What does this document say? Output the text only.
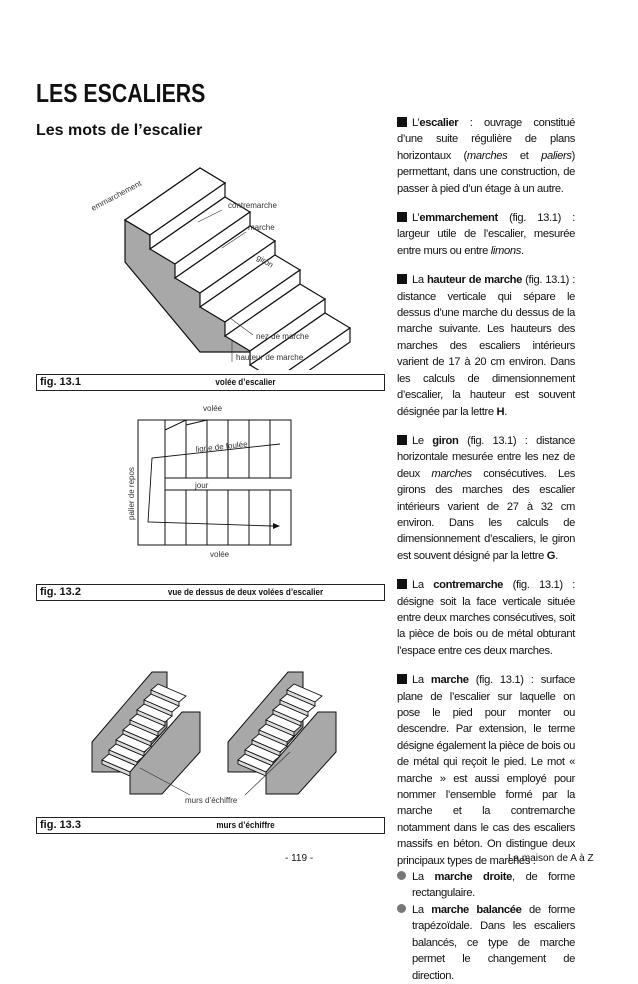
LES ESCALIERS
Les mots de l’escalier
emmarchement	contremarche
marche
giron
nez de marche
hauteur de marche
fig. 13.1	volée d’escalier
volée
ligne de foulée
palier de repos	jour
volée
fig. 13.2	vue de dessus de deux volées d’escalier
murs d’échiffre
fig. 13.3	murs d’échiffre
L’escalier : ouvrage constitué d’une suite régulière de plans horizontaux (marches et paliers) permettant, dans une construction, de passer à pied d’un étage à un autre.
L’emmarchement (fig. 13.1) : largeur utile de l’escalier, mesurée entre murs ou entre limons.
La hauteur de marche (fig. 13.1) : distance verticale qui sépare le dessus d’une marche du dessus de la marche suivante. Les hauteurs des marches des escaliers intérieurs varient de 17 à 20 cm environ. Dans les calculs de dimensionnement d’escalier, la hauteur est souvent désignée par la lettre H.
Le giron (fig. 13.1) : distance horizontale mesurée entre les nez de deux marches consécutives. Les girons des marches des escalier intérieurs varient de 27 à 32 cm environ. Dans les calculs de dimensionnement d’escaliers, le giron est souvent désigné par la lettre G.
La contremarche (fig. 13.1) : désigne soit la face verticale située entre deux marches consécutives, soit la pièce de bois ou de métal obturant l’espace entre ces deux marches.
La marche (fig. 13.1) : surface plane de l’escalier sur laquelle on pose le pied pour monter ou descendre. Par extension, le terme désigne également la pièce de bois ou de métal qui reçoit le pied. Le mot « marche » est aussi employé pour nommer l’ensemble formé par la marche et la contremarche notamment dans le cas des escaliers massifs en béton. On distingue deux principaux types de marches :
La marche droite, de forme rectangulaire.
La marche balancée de forme trapézoïdale. Dans les escaliers balancés, ce type de marche permet le changement de direction.
- 119 -	La maison de A à Z
